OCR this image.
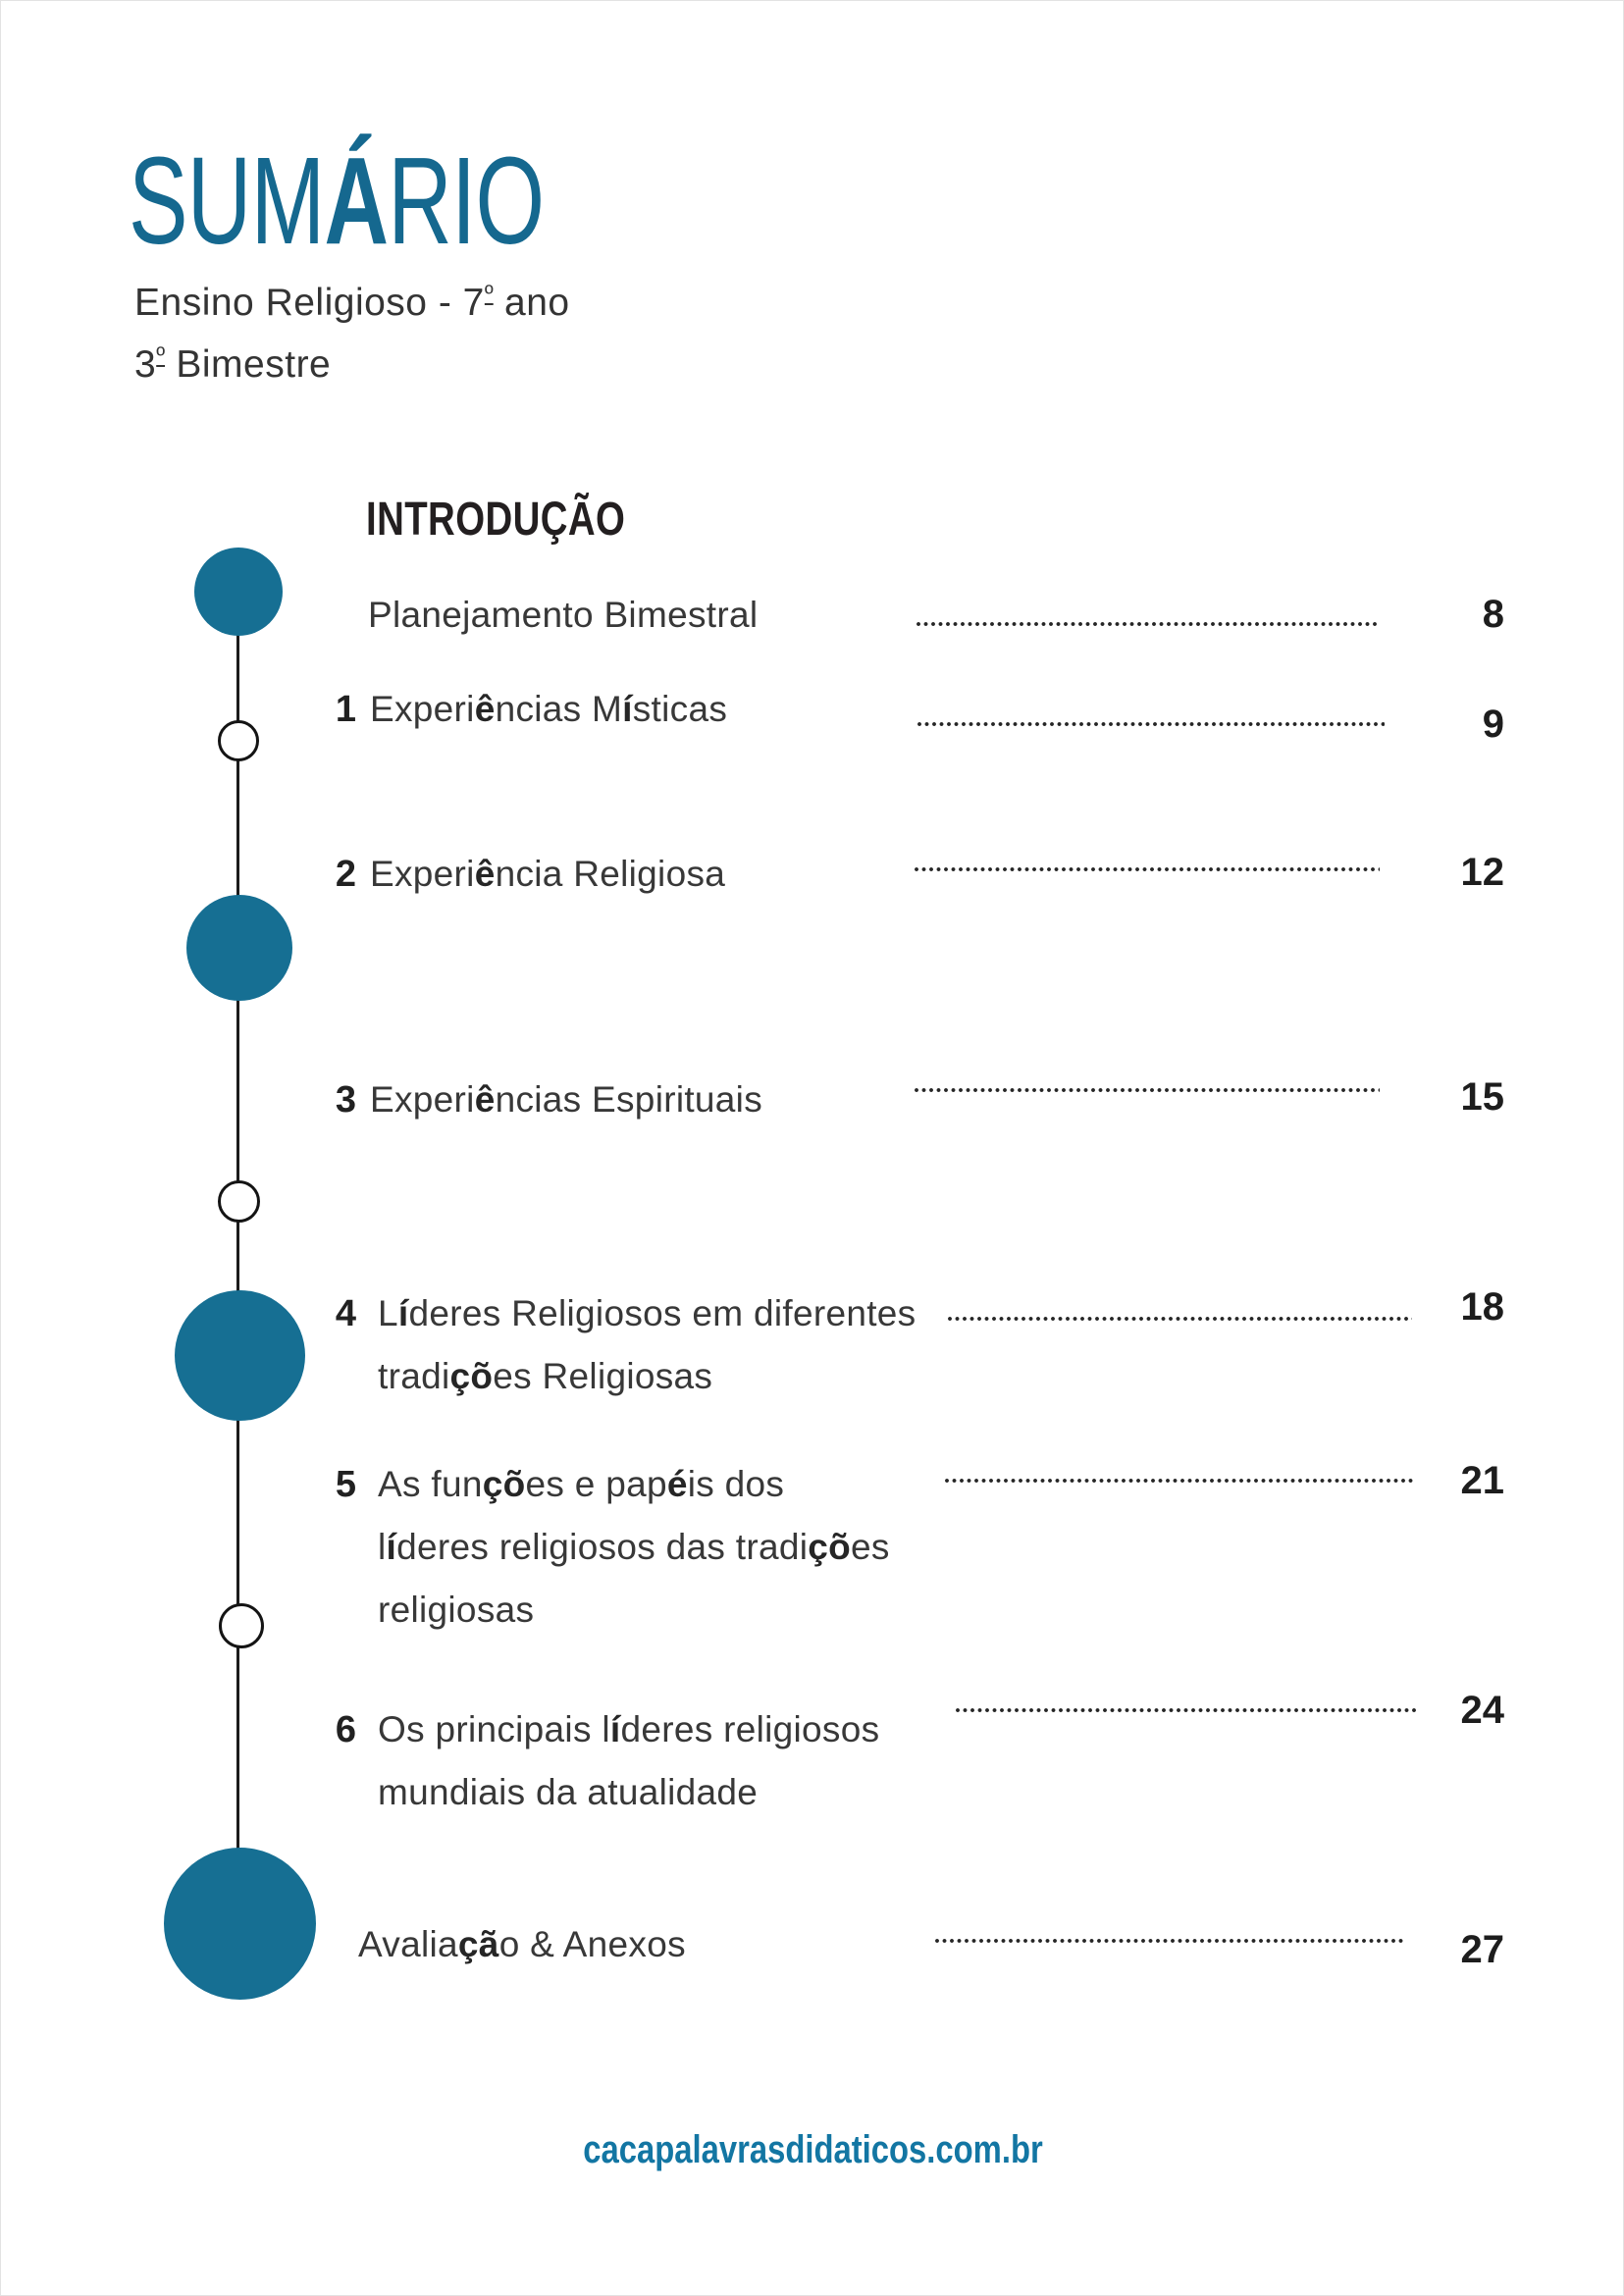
SUMÁRIO
Ensino Religioso - $7^º$ ano
$3^º$ Bimestre
INTRODUÇÃO
Planejamento Bimestral	8
1 Experiências Místicas	9
2 Experiência Religiosa	12
3 Experiências Espirituais	15
4 Líderes Religiosos em diferentes
tradições Religiosas
18
5 As funções e papéis dos
líderes religiosos das tradições
religiosas
21
6 Os principais líderes religiosos
mundiais da atualidade
24
Avaliação & Anexos	27
cacapalavrasdidaticos.com.br
